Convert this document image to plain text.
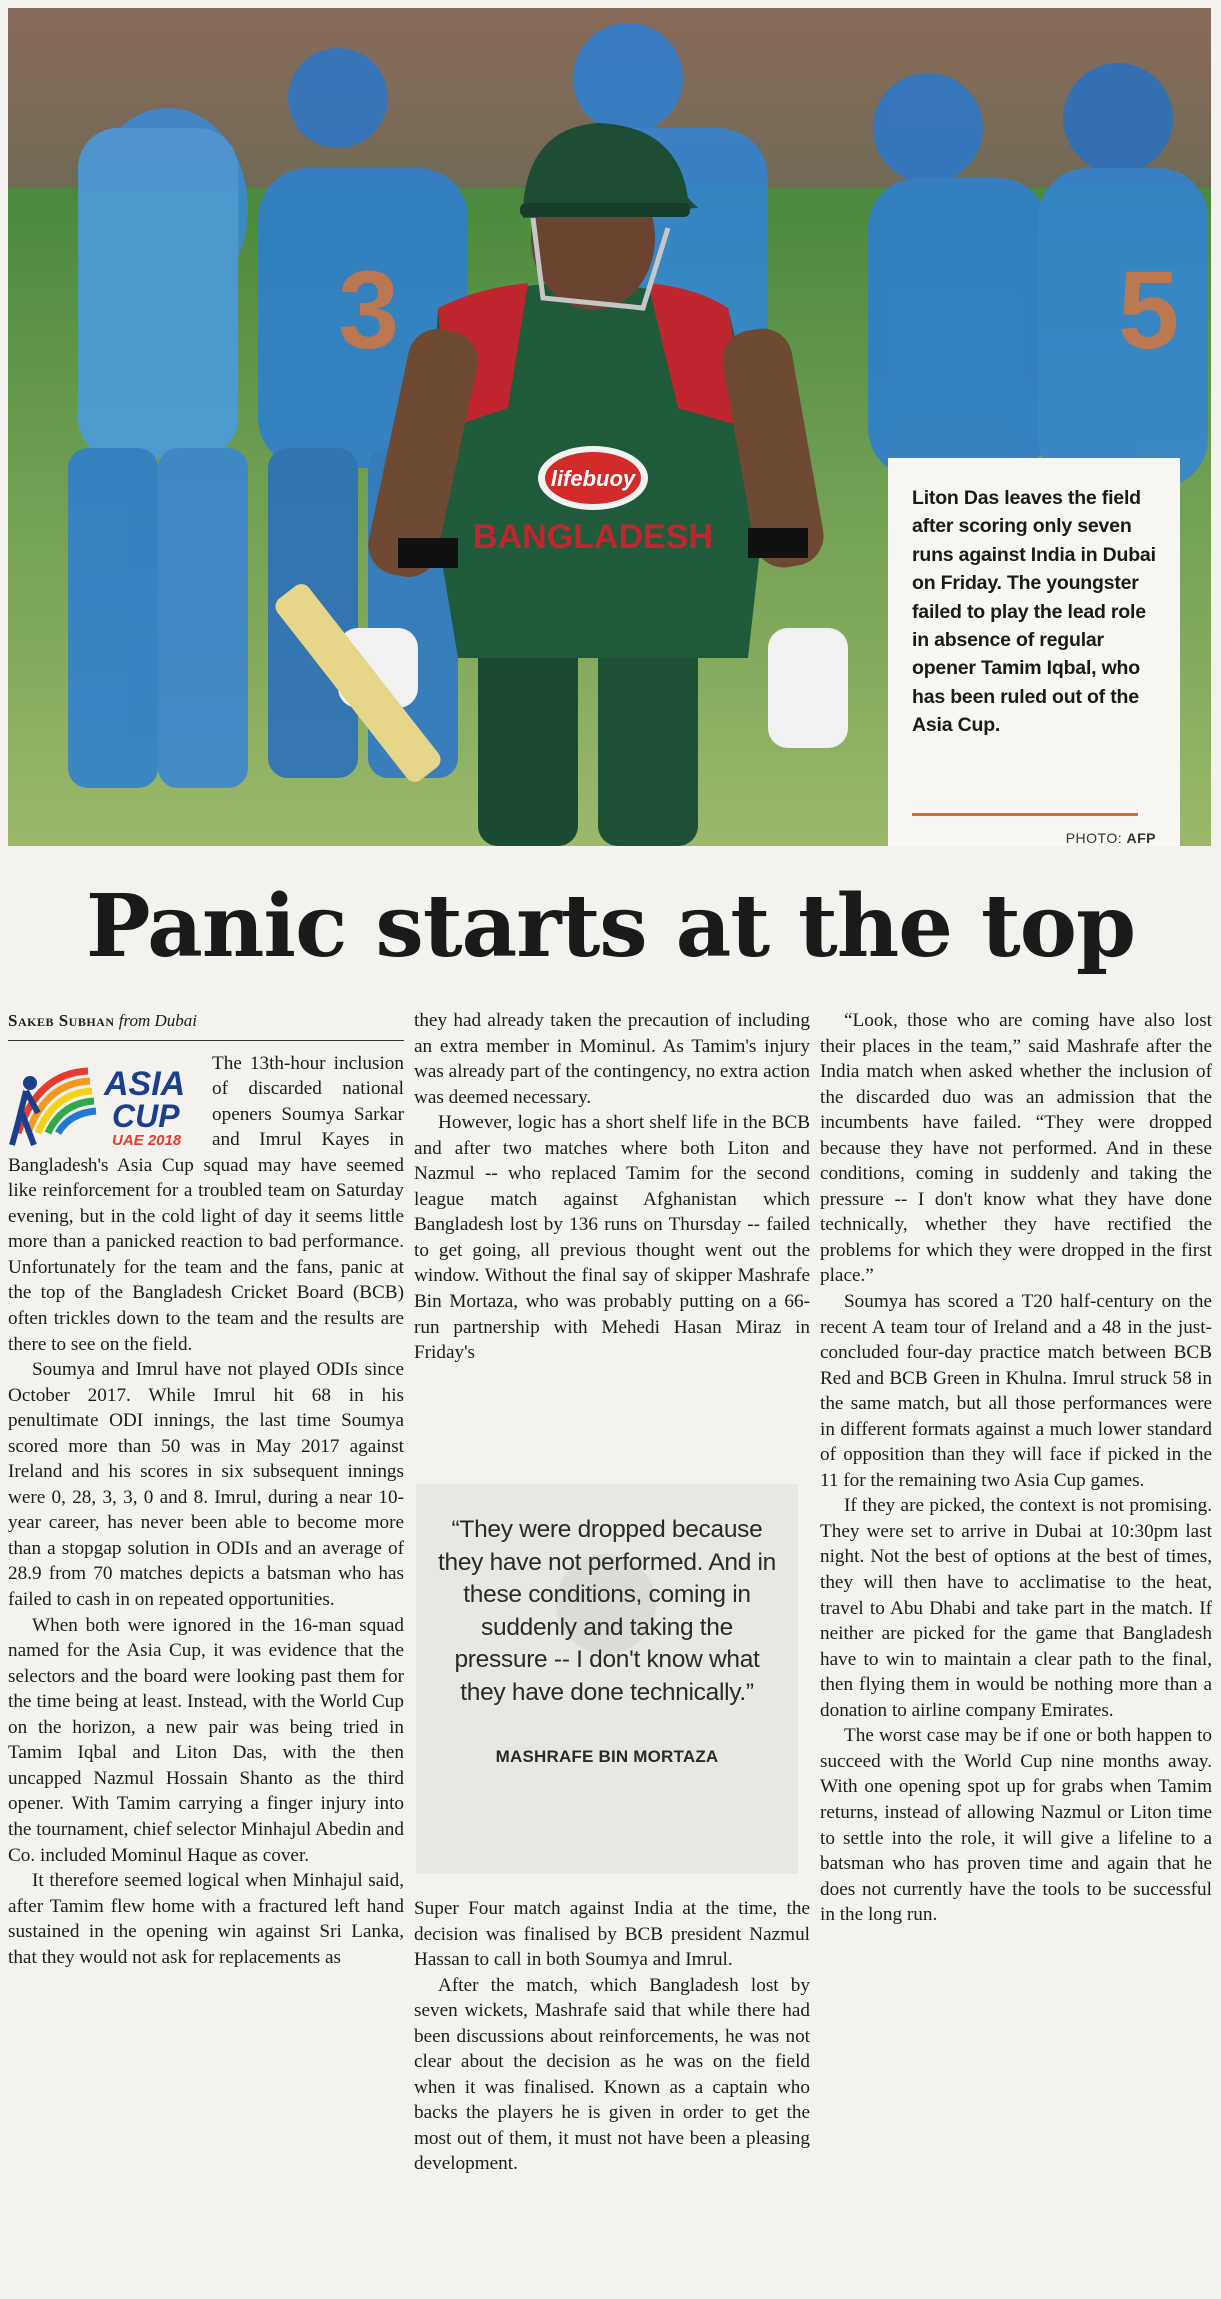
3	5
lifebuoy
BANGLADESH

Liton Das leaves the field after scoring only seven runs against India in Dubai on Friday. The youngster failed to play the lead role in absence of regular opener Tamim Iqbal, who has been ruled out of the Asia Cup.

PHOTO: AFP
Panic starts at the top
Sakeb Subhan from Dubai
ASIA
CUP
UAE 2018

The 13th-hour inclusion of discarded national openers Soumya Sarkar and Imrul Kayes in Bangladesh's Asia Cup squad may have seemed like reinforcement for a troubled team on Saturday evening, but in the cold light of day it seems little more than a panicked reaction to bad performance. Unfortunately for the team and the fans, panic at the top of the Bangladesh Cricket Board (BCB) often trickles down to the team and the results are there to see on the field.

Soumya and Imrul have not played ODIs since October 2017. While Imrul hit 68 in his penultimate ODI innings, the last time Soumya scored more than 50 was in May 2017 against Ireland and his scores in six subsequent innings were 0, 28, 3, 3, 0 and 8. Imrul, during a near 10-year career, has never been able to become more than a stopgap solution in ODIs and an average of 28.9 from 70 matches depicts a batsman who has failed to cash in on repeated opportunities.

When both were ignored in the 16-man squad named for the Asia Cup, it was evidence that the selectors and the board were looking past them for the time being at least. Instead, with the World Cup on the horizon, a new pair was being tried in Tamim Iqbal and Liton Das, with the then uncapped Nazmul Hossain Shanto as the third opener. With Tamim carrying a finger injury into the tournament, chief selector Minhajul Abedin and Co. included Mominul Haque as cover.

It therefore seemed logical when Minhajul said, after Tamim flew home with a fractured left hand sustained in the opening win against Sri Lanka, that they would not ask for replacements as

they had already taken the precaution of including an extra member in Mominul. As Tamim's injury was already part of the contingency, no extra action was deemed necessary.

However, logic has a short shelf life in the BCB and after two matches where both Liton and Nazmul -- who replaced Tamim for the second league match against Afghanistan which Bangladesh lost by 136 runs on Thursday -- failed to get going, all previous thought went out the window. Without the final say of skipper Mashrafe Bin Mortaza, who was probably putting on a 66-run partnership with Mehedi Hasan Miraz in Friday's

“They were dropped because they have not performed. And in these conditions, coming in suddenly and taking the pressure -- I don't know what they have done technically.”

MASHRAFE BIN MORTAZA

Super Four match against India at the time, the decision was finalised by BCB president Nazmul Hassan to call in both Soumya and Imrul.

After the match, which Bangladesh lost by seven wickets, Mashrafe said that while there had been discussions about reinforcements, he was not clear about the decision as he was on the field when it was finalised. Known as a captain who backs the players he is given in order to get the most out of them, it must not have been a pleasing development.

“Look, those who are coming have also lost their places in the team,” said Mashrafe after the India match when asked whether the inclusion of the discarded duo was an admission that the incumbents have failed. “They were dropped because they have not performed. And in these conditions, coming in suddenly and taking the pressure -- I don't know what they have done technically, whether they have rectified the problems for which they were dropped in the first place.”

Soumya has scored a T20 half-century on the recent A team tour of Ireland and a 48 in the just-concluded four-day practice match between BCB Red and BCB Green in Khulna. Imrul struck 58 in the same match, but all those performances were in different formats against a much lower standard of opposition than they will face if picked in the 11 for the remaining two Asia Cup games.

If they are picked, the context is not promising. They were set to arrive in Dubai at 10:30pm last night. Not the best of options at the best of times, they will then have to acclimatise to the heat, travel to Abu Dhabi and take part in the match. If neither are picked for the game that Bangladesh have to win to maintain a clear path to the final, then flying them in would be nothing more than a donation to airline company Emirates.

The worst case may be if one or both happen to succeed with the World Cup nine months away. With one opening spot up for grabs when Tamim returns, instead of allowing Nazmul or Liton time to settle into the role, it will give a lifeline to a batsman who has proven time and again that he does not currently have the tools to be successful in the long run.
